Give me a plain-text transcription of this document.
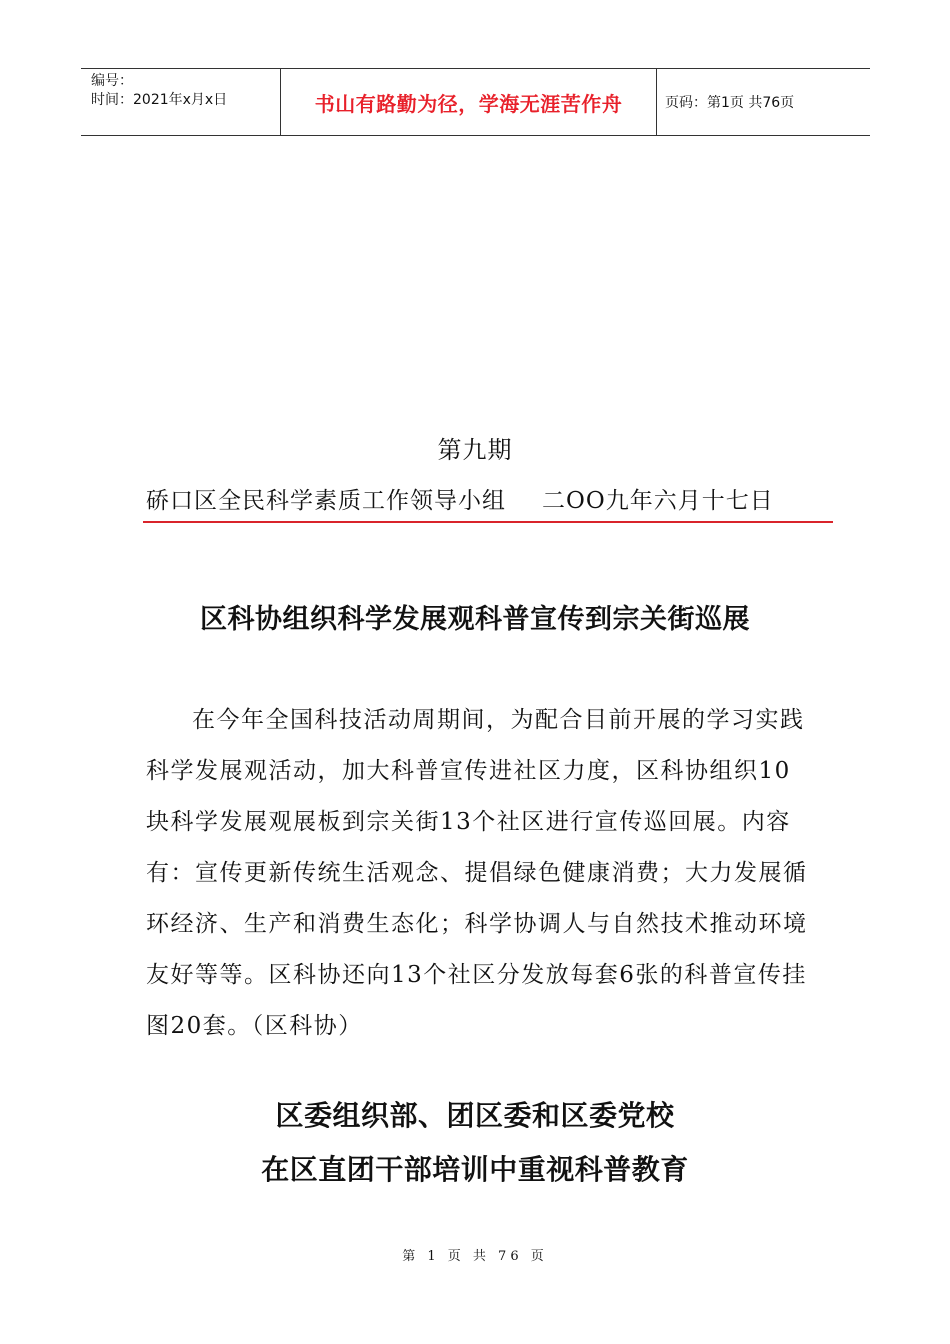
编号：
时间：2021年x月x日	书山有路勤为径，学海无涯苦作舟	页码：第1页 共76页
第九期
硚口区全民科学素质工作领导小组 二OO九年六月十七日
区科协组织科学发展观科普宣传到宗关街巡展

在今年全国科技活动周期间，为配合目前开展的学习实践科学发展观活动，加大科普宣传进社区力度，区科协组织10块科学发展观展板到宗关街13个社区进行宣传巡回展。内容有：宣传更新传统生活观念、提倡绿色健康消费；大力发展循环经济、生产和消费生态化；科学协调人与自然技术推动环境友好等等。区科协还向13个社区分发放每套6张的科普宣传挂图20套。（区科协）

区委组织部、团区委和区委党校
在区直团干部培训中重视科普教育
第 1 页 共 76 页
